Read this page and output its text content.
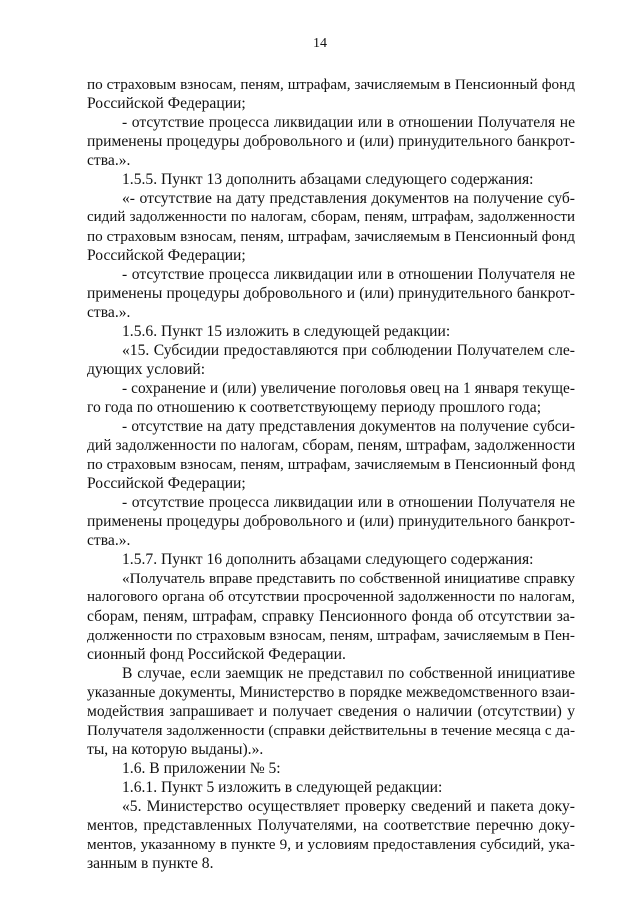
14
по страховым взносам, пеням, штрафам, зачисляемым в Пенсионный фонд
Российской Федерации;
- отсутствие процесса ликвидации или в отношении Получателя не
применены процедуры добровольного и (или) принудительного банкрот-
ства.».
1.5.5. Пункт 13 дополнить абзацами следующего содержания:
«- отсутствие на дату представления документов на получение суб-
сидий задолженности по налогам, сборам, пеням, штрафам, задолженности
по страховым взносам, пеням, штрафам, зачисляемым в Пенсионный фонд
Российской Федерации;
- отсутствие процесса ликвидации или в отношении Получателя не
применены процедуры добровольного и (или) принудительного банкрот-
ства.».
1.5.6. Пункт 15 изложить в следующей редакции:
«15. Субсидии предоставляются при соблюдении Получателем сле-
дующих условий:
- сохранение и (или) увеличение поголовья овец на 1 января текуще-
го года по отношению к соответствующему периоду прошлого года;
- отсутствие на дату представления документов на получение субси-
дий задолженности по налогам, сборам, пеням, штрафам, задолженности
по страховым взносам, пеням, штрафам, зачисляемым в Пенсионный фонд
Российской Федерации;
- отсутствие процесса ликвидации или в отношении Получателя не
применены процедуры добровольного и (или) принудительного банкрот-
ства.».
1.5.7. Пункт 16 дополнить абзацами следующего содержания:
«Получатель вправе представить по собственной инициативе справку
налогового органа об отсутствии просроченной задолженности по налогам,
сборам, пеням, штрафам, справку Пенсионного фонда об отсутствии за-
долженности по страховым взносам, пеням, штрафам, зачисляемым в Пен-
сионный фонд Российской Федерации.
В случае, если заемщик не представил по собственной инициативе
указанные документы, Министерство в порядке межведомственного взаи-
модействия запрашивает и получает сведения о наличии (отсутствии) у
Получателя задолженности (справки действительны в течение месяца с да-
ты, на которую выданы).».
1.6. В приложении № 5:
1.6.1. Пункт 5 изложить в следующей редакции:
«5. Министерство осуществляет проверку сведений и пакета доку-
ментов, представленных Получателями, на соответствие перечню доку-
ментов, указанному в пункте 9, и условиям предоставления субсидий, ука-
занным в пункте 8.
